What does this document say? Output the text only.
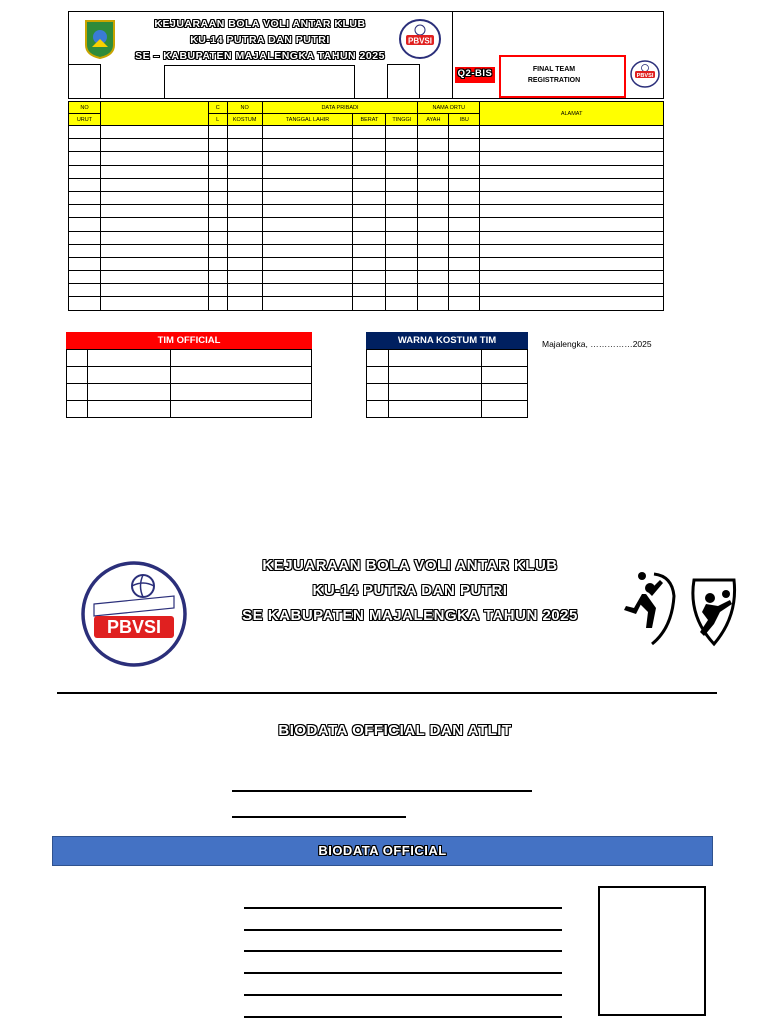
KEJUARAAN BOLA VOLI ANTAR KLUB
KU-14 PUTRA DAN PUTRI
SE – KABUPATEN MAJALENGKA TAHUN 2025
PBVSI
Q2-BIS	FINAL TEAM
REGISTRATION
PBVSI
NO		C	NO	DATA PRIBADI			NAMA ORTU		ALAMAT
URUT		L	KOSTUM	TANGGAL LAHIR	BERAT	TINGGI	AYAH	IBU	

TIM OFFICIAL

			WARNA KOSTUM TIM

			Majalengka, ……………2025
PBVSI
KEJUARAAN BOLA VOLI ANTAR KLUB
KU-14 PUTRA DAN PUTRI
SE KABUPATEN MAJALENGKA TAHUN 2025
BIODATA OFFICIAL DAN ATLIT
BIODATA OFFICIAL
